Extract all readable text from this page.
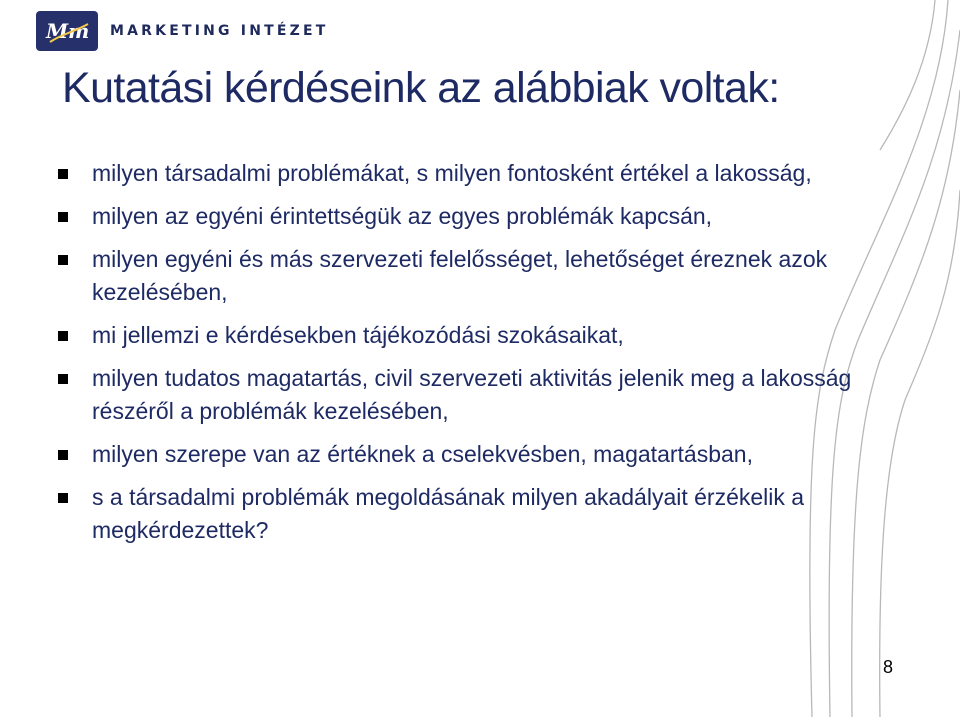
Mm MARKETING INTÉZET
Kutatási kérdéseink az alábbiak voltak:
milyen társadalmi problémákat, s milyen fontosként értékel a lakosság,
milyen az egyéni érintettségük az egyes problémák kapcsán,
milyen egyéni és más szervezeti felelősséget, lehetőséget éreznek azok kezelésében,
mi jellemzi e kérdésekben tájékozódási szokásaikat,
milyen tudatos magatartás, civil szervezeti aktivitás jelenik meg a lakosság részéről a problémák kezelésében,
milyen szerepe van az értéknek a cselekvésben, magatartásban,
s a társadalmi problémák megoldásának milyen akadályait érzékelik a megkérdezettek?
8
